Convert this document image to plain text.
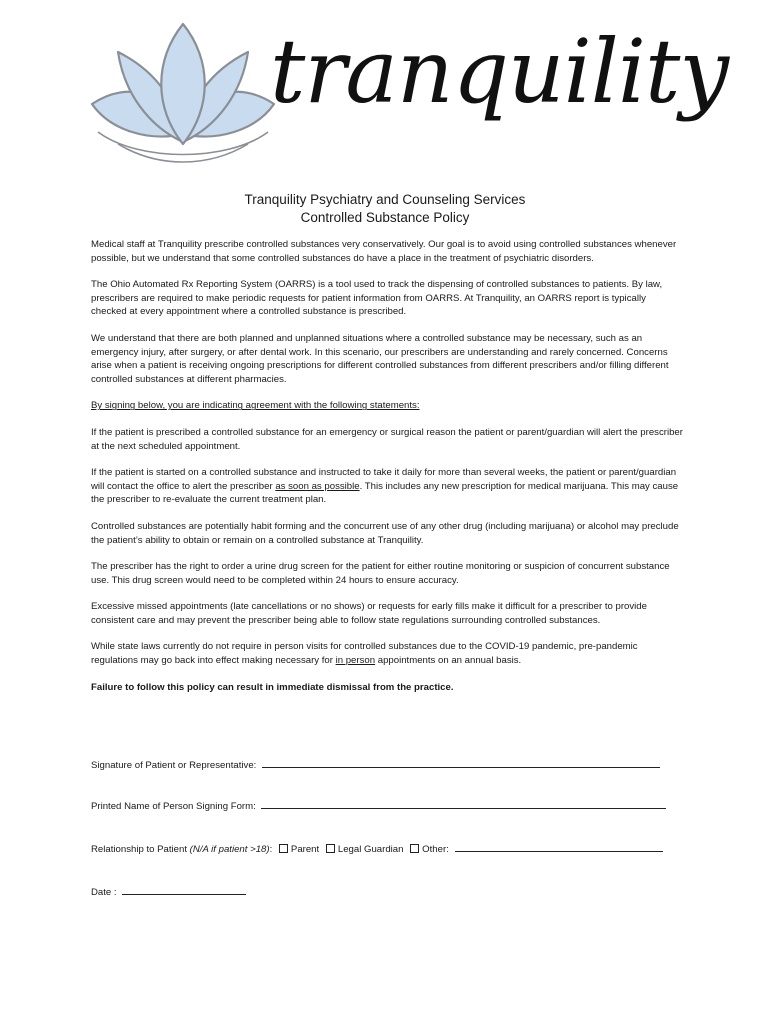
tranquility
Tranquility Psychiatry and Counseling Services
Controlled Substance Policy

Medical staff at Tranquility prescribe controlled substances very conservatively. Our goal is to avoid using controlled substances whenever possible, but we understand that some controlled substances do have a place in the treatment of psychiatric disorders.

The Ohio Automated Rx Reporting System (OARRS) is a tool used to track the dispensing of controlled substances to patients. By law, prescribers are required to make periodic requests for patient information from OARRS. At Tranquility, an OARRS report is typically checked at every appointment where a controlled substance is prescribed.

We understand that there are both planned and unplanned situations where a controlled substance may be necessary, such as an emergency injury, after surgery, or after dental work. In this scenario, our prescribers are understanding and rarely concerned. Concerns arise when a patient is receiving ongoing prescriptions for different controlled substances from different prescribers and/or filling different controlled substances at different pharmacies.

By signing below, you are indicating agreement with the following statements:

If the patient is prescribed a controlled substance for an emergency or surgical reason the patient or parent/guardian will alert the prescriber at the next scheduled appointment.

If the patient is started on a controlled substance and instructed to take it daily for more than several weeks, the patient or parent/guardian will contact the office to alert the prescriber as soon as possible. This includes any new prescription for medical marijuana. This may cause the prescriber to re-evaluate the current treatment plan.

Controlled substances are potentially habit forming and the concurrent use of any other drug (including marijuana) or alcohol may preclude the patient’s ability to obtain or remain on a controlled substance at Tranquility.

The prescriber has the right to order a urine drug screen for the patient for either routine monitoring or suspicion of concurrent substance use. This drug screen would need to be completed within 24 hours to ensure accuracy.

Excessive missed appointments (late cancellations or no shows) or requests for early fills make it difficult for a prescriber to provide consistent care and may prevent the prescriber being able to follow state regulations surrounding controlled substances.

While state laws currently do not require in person visits for controlled substances due to the COVID-19 pandemic, pre-pandemic regulations may go back into effect making necessary for in person appointments on an annual basis.

Failure to follow this policy can result in immediate dismissal from the practice.

Signature of Patient or Representative:
Printed Name of Person Signing Form:
Relationship to Patient (N/A if patient >18): Parent Legal Guardian Other:
Date :
